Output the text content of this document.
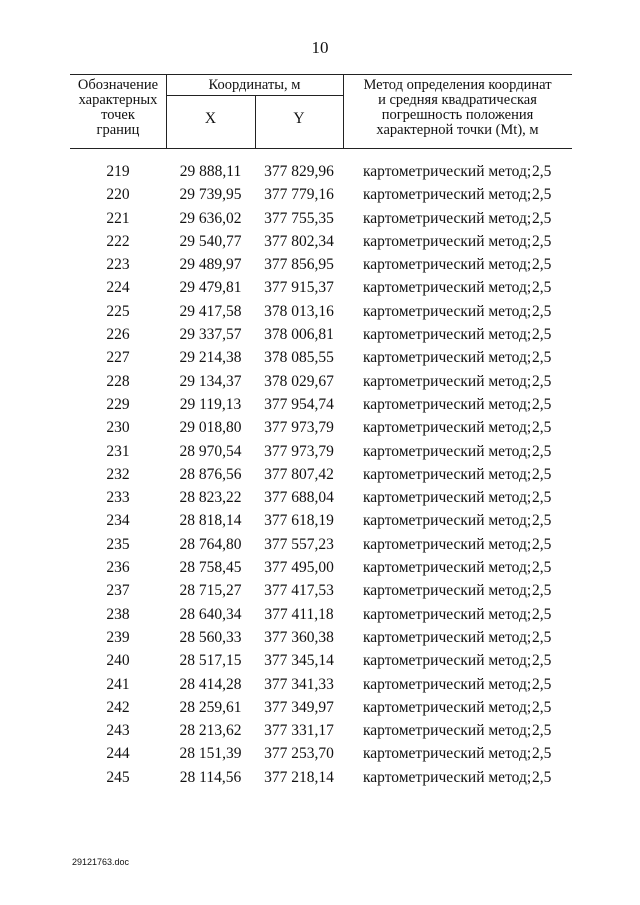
10
Обозначение
характерных
точек
границ
Координаты, м
X	Y
Метод определения координат
и средняя квадратическая
погрешность положения
характерной точки (Mt), м
219	29 888,11	377 829,96	картометрический метод; 2,5
220	29 739,95	377 779,16	картометрический метод; 2,5
221	29 636,02	377 755,35	картометрический метод; 2,5
222	29 540,77	377 802,34	картометрический метод; 2,5
223	29 489,97	377 856,95	картометрический метод; 2,5
224	29 479,81	377 915,37	картометрический метод; 2,5
225	29 417,58	378 013,16	картометрический метод; 2,5
226	29 337,57	378 006,81	картометрический метод; 2,5
227	29 214,38	378 085,55	картометрический метод; 2,5
228	29 134,37	378 029,67	картометрический метод; 2,5
229	29 119,13	377 954,74	картометрический метод; 2,5
230	29 018,80	377 973,79	картометрический метод; 2,5
231	28 970,54	377 973,79	картометрический метод; 2,5
232	28 876,56	377 807,42	картометрический метод; 2,5
233	28 823,22	377 688,04	картометрический метод; 2,5
234	28 818,14	377 618,19	картометрический метод; 2,5
235	28 764,80	377 557,23	картометрический метод; 2,5
236	28 758,45	377 495,00	картометрический метод; 2,5
237	28 715,27	377 417,53	картометрический метод; 2,5
238	28 640,34	377 411,18	картометрический метод; 2,5
239	28 560,33	377 360,38	картометрический метод; 2,5
240	28 517,15	377 345,14	картометрический метод; 2,5
241	28 414,28	377 341,33	картометрический метод; 2,5
242	28 259,61	377 349,97	картометрический метод; 2,5
243	28 213,62	377 331,17	картометрический метод; 2,5
244	28 151,39	377 253,70	картометрический метод; 2,5
245	28 114,56	377 218,14	картометрический метод; 2,5
29121763.doc
